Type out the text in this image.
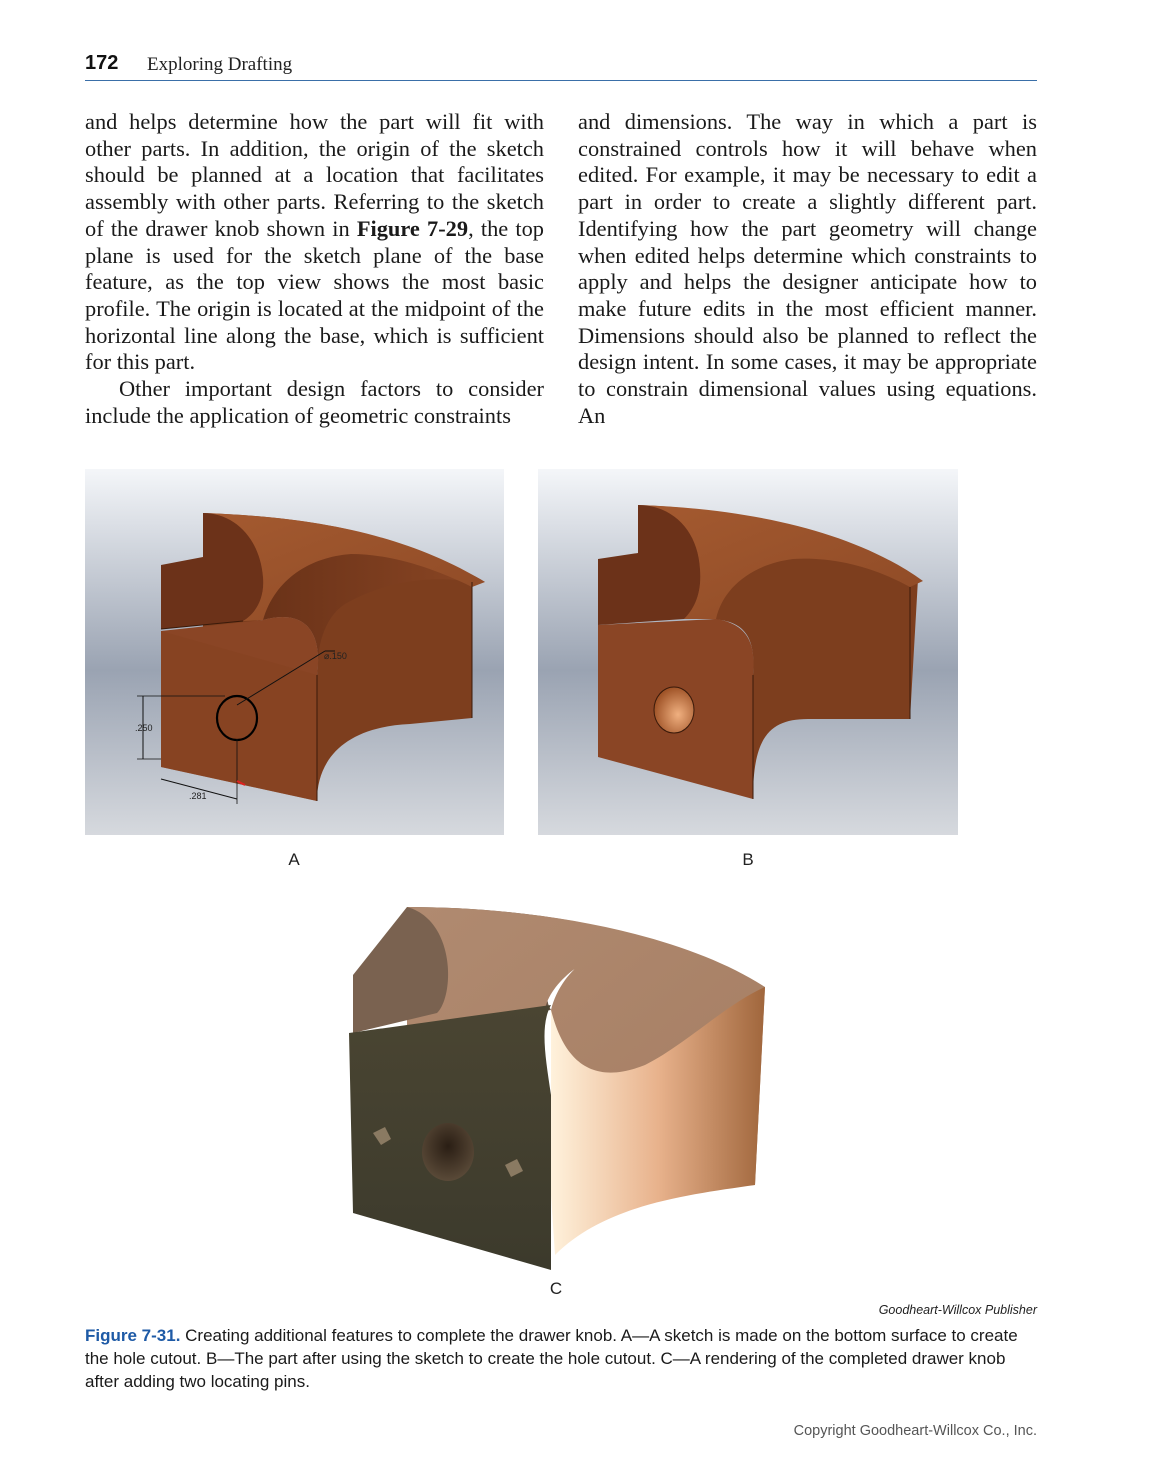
172 Exploring Drafting

and helps determine how the part will fit with other parts. In addition, the origin of the sketch should be planned at a location that facilitates assembly with other parts. Referring to the sketch of the drawer knob shown in Figure 7-29, the top plane is used for the sketch plane of the base feature, as the top view shows the most basic profile. The origin is located at the midpoint of the horizontal line along the base, which is sufficient for this part.

Other important design factors to consider include the application of geometric constraints

and dimensions. The way in which a part is constrained controls how it will behave when edited. For example, it may be necessary to edit a part in order to create a slightly different part. Identifying how the part geometry will change when edited helps determine which constraints to apply and helps the designer anticipate how to make future edits in the most efficient manner. Dimensions should also be planned to reflect the design intent. In some cases, it may be appropriate to constrain dimensional values using equations. An

⌀.150
.250
.281
A	B
C
Goodheart-Willcox Publisher
Figure 7-31. Creating additional features to complete the drawer knob. A—A sketch is made on the bottom surface to create the hole cutout. B—The part after using the sketch to create the hole cutout. C—A rendering of the completed drawer knob after adding two locating pins.
Copyright Goodheart-Willcox Co., Inc.
